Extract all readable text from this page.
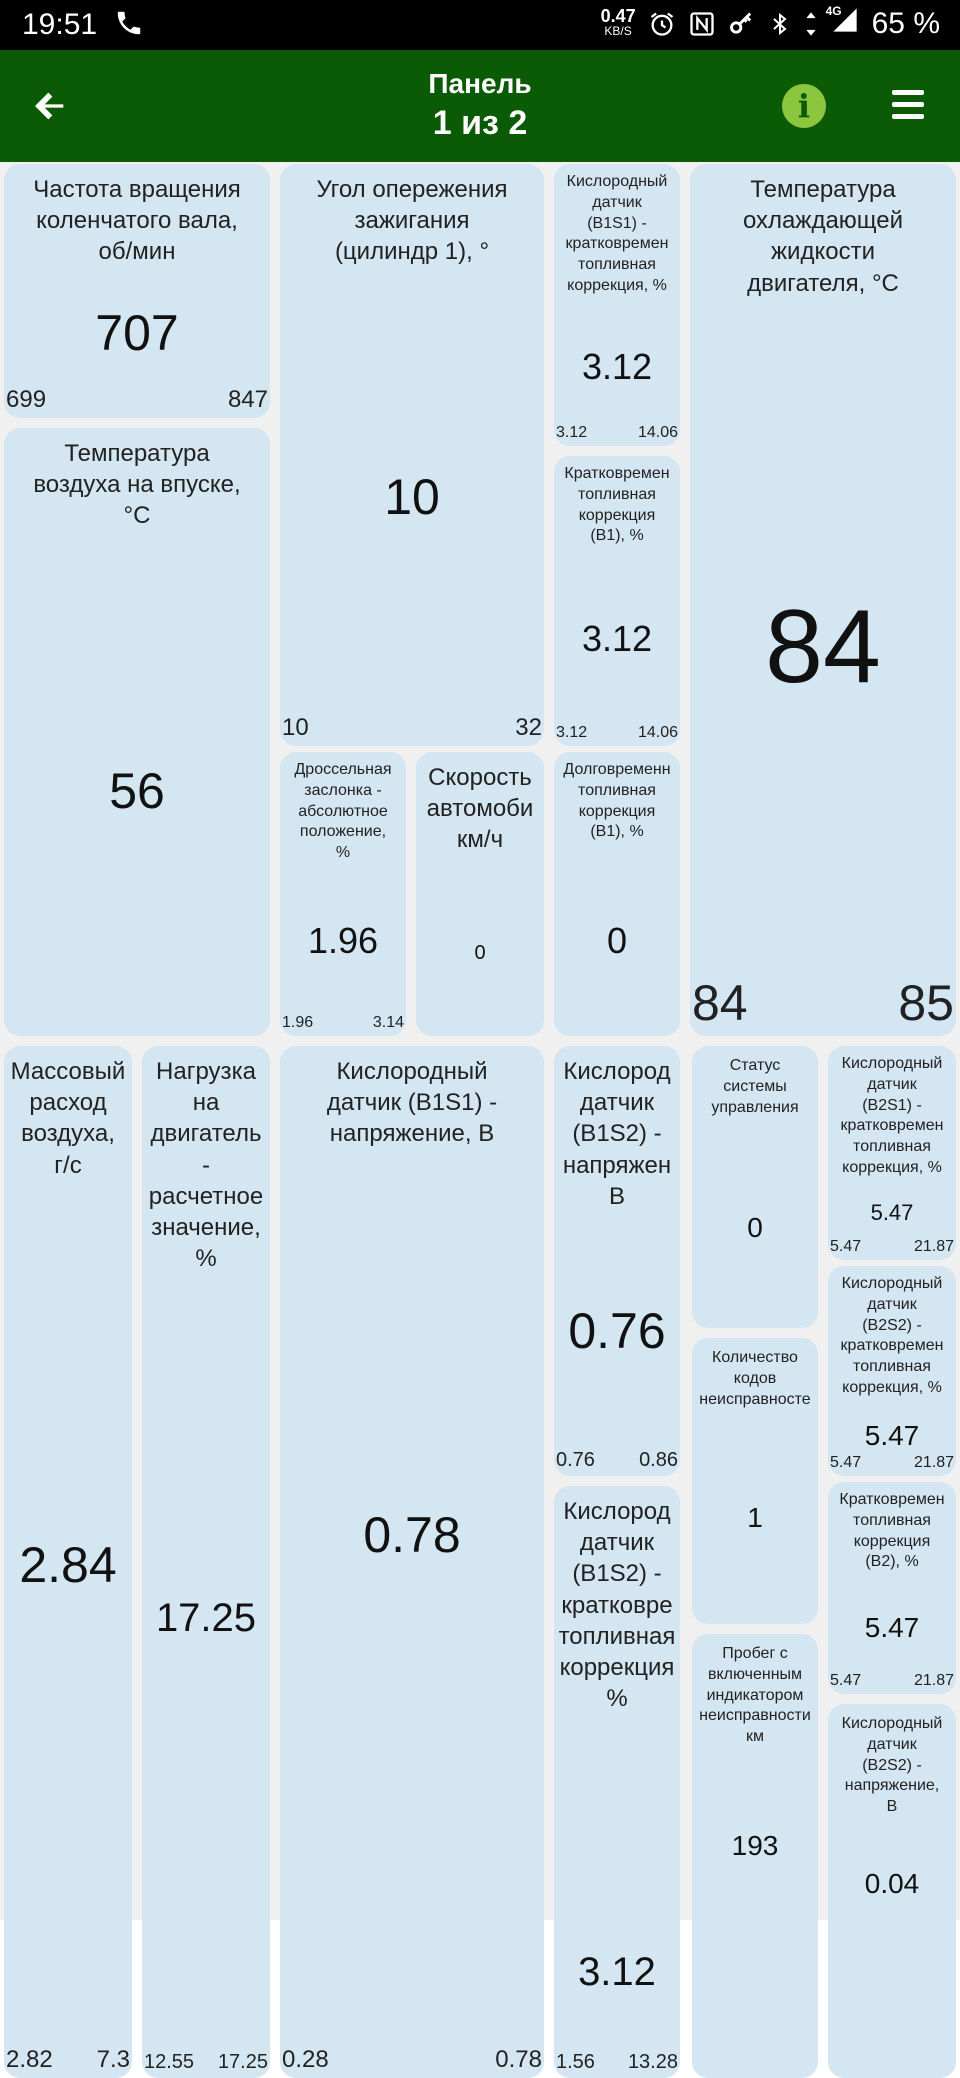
19:51	0.47
KB/S
4G 65 %
Панель
1 из 2	i
Частота вращения
коленчатого вала,
об/мин
707
699	847
Угол опережения
зажигания
(цилиндр 1), °
10
10	32
Кислородный
датчик
(B1S1) -
кратковремен
топливная
коррекция, %
3.12
3.12	14.06
Температура
охлаждающей
жидкости
двигателя, °C
84
84	85
Температура
воздуха на впуске,
°C
56
Кратковремен
топливная
коррекция
(B1), %
3.12
3.12	14.06
Дроссельная
заслонка -
абсолютное
положение,
%
1.96
1.96	3.14
Скорость
автомоби
км/ч
0
Долговременн
топливная
коррекция
(B1), %
0
Массовый
расход
воздуха,
г/с
2.84
2.82 7.3
Нагрузка
на
двигатель
-
расчетное
значение,
%
17.25
12.55 17.25
Кислородный
датчик (B1S1) -
напряжение, В
0.78
0.28	0.78
Кислород
датчик
(B1S2) -
напряжен
В
0.76
0.76 0.86
Статус
системы
управления
0
Кислородный
датчик
(B2S1) -
кратковремен
топливная
коррекция, %
5.47
5.47	21.87
Кислородный
датчик
(B2S2) -
кратковремен
топливная
коррекция, %
5.47
5.47	21.87
Количество
кодов
неисправносте
1
Кислород
датчик
(B1S2) -
кратковре
топливная
коррекция
%
3.12
1.56 13.28
Кратковремен
топливная
коррекция
(B2), %
5.47
5.47	21.87
Пробег с
включенным
индикатором
неисправности
км
193
Кислородный
датчик
(B2S2) -
напряжение,
В
0.04
